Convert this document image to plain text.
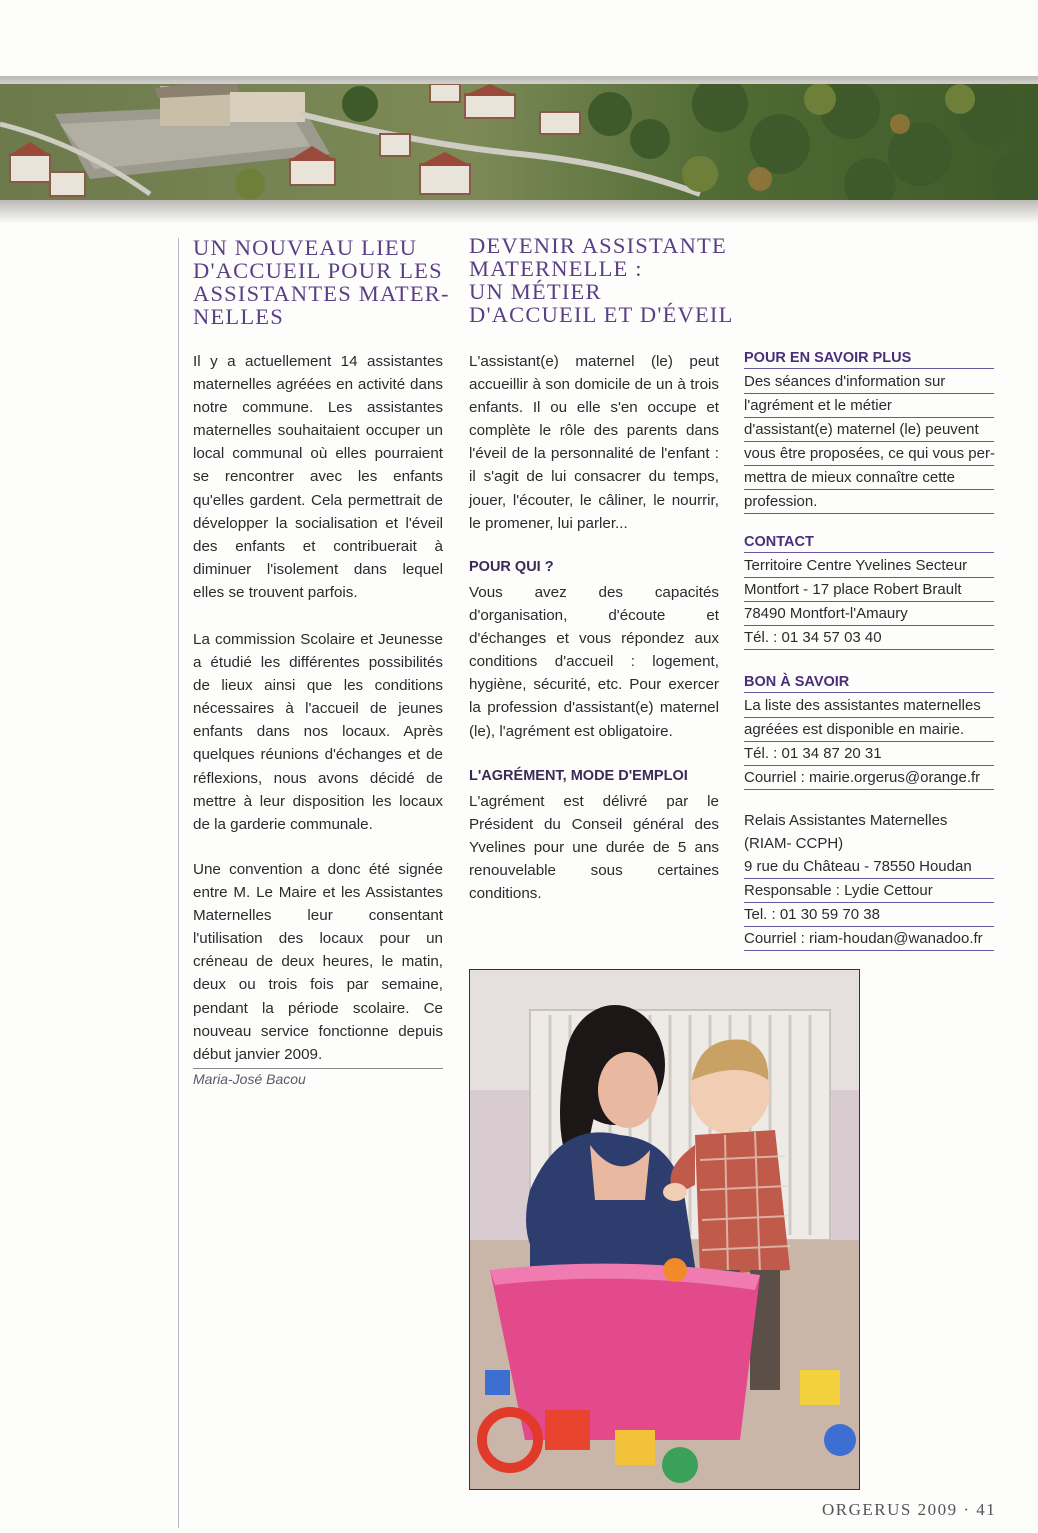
UN NOUVEAU LIEU
D'ACCUEIL POUR LES
ASSISTANTES MATER-
NELLES

Il y a actuellement 14 assistantes maternelles agréées en activité dans notre commune. Les assistantes maternelles souhaitaient occuper un local communal où elles pourraient se rencontrer avec les enfants qu'elles gardent. Cela permettrait de développer la socialisation et l'éveil des enfants et contribuerait à diminuer l'isolement dans lequel elles se trouvent parfois.

La commission Scolaire et Jeunesse a étudié les différentes possibilités de lieux ainsi que les conditions nécessaires à l'accueil de jeunes enfants dans nos locaux. Après quelques réunions d'échanges et de réflexions, nous avons décidé de mettre à leur disposition les locaux de la garderie communale.

Une convention a donc été signée entre M. Le Maire et les Assistantes Maternelles leur consentant l'utilisation des locaux pour un créneau de deux heures, le matin, deux ou trois fois par semaine, pendant la période scolaire. Ce nouveau service fonctionne depuis début janvier 2009.

Maria-José Bacou
DEVENIR ASSISTANTE
MATERNELLE :
UN MÉTIER
D'ACCUEIL ET D'ÉVEIL

L'assistant(e) maternel (le) peut accueillir à son domicile de un à trois enfants. Il ou elle s'en occupe et complète le rôle des parents dans l'éveil de la personnalité de l'enfant : il s'agit de lui consacrer du temps, jouer, l'écouter, le câliner, le nourrir, le promener, lui parler...

POUR QUI ?

Vous avez des capacités d'organisation, d'écoute et d'échanges et vous répondez aux conditions d'accueil : logement, hygiène, sécurité, etc. Pour exercer la profession d'assistant(e) maternel (le), l'agrément est obligatoire.

L'AGRÉMENT, MODE D'EMPLOI

L'agrément est délivré par le Président du Conseil général des Yvelines pour une durée de 5 ans renouvelable sous certaines conditions.

POUR EN SAVOIR PLUS
Des séances d'information sur
l'agrément et le métier
d'assistant(e) maternel (le) peuvent
vous être proposées, ce qui vous per-
mettra de mieux connaître cette
profession.
CONTACT
Territoire Centre Yvelines Secteur
Montfort - 17 place Robert Brault
78490 Montfort-l'Amaury
Tél. : 01 34 57 03 40
BON À SAVOIR
La liste des assistantes maternelles
agréées est disponible en mairie.
Tél. : 01 34 87 20 31
Courriel : mairie.orgerus@orange.fr
Relais Assistantes Maternelles
(RIAM- CCPH)
9 rue du Château - 78550 Houdan
Responsable : Lydie Cettour
Tel. : 01 30 59 70 38
Courriel : riam-houdan@wanadoo.fr
ORGERUS 2009 · 41
